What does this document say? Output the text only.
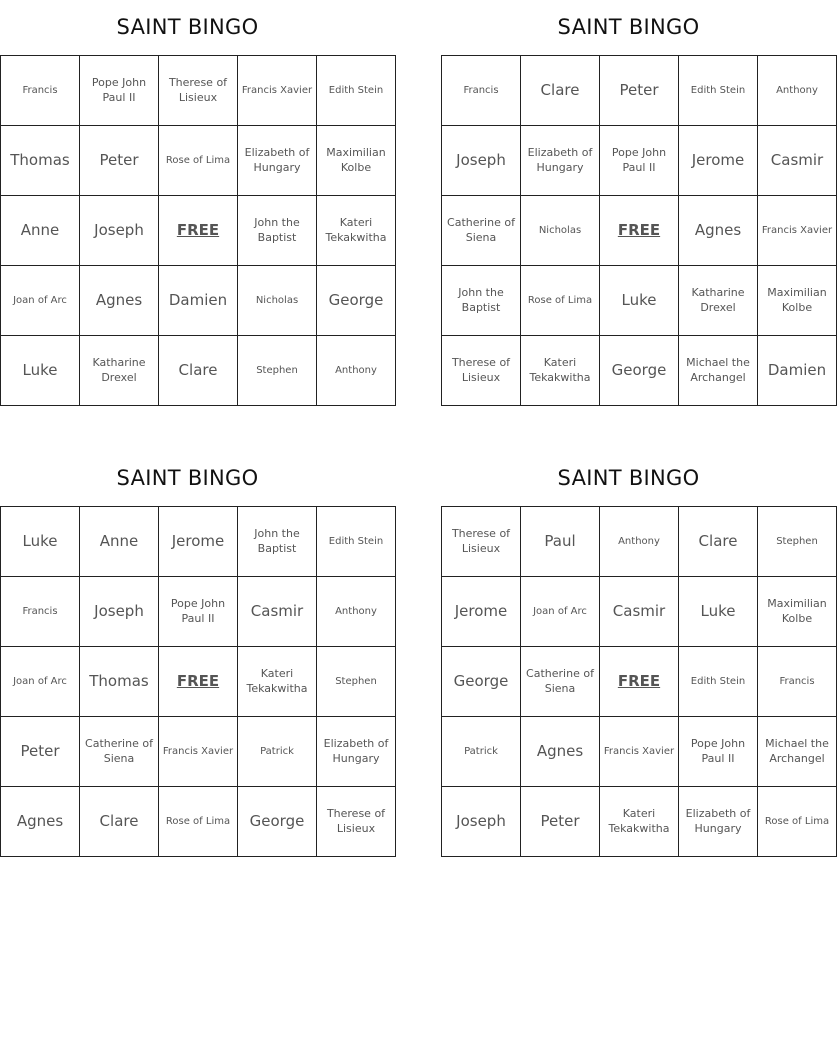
SAINT BINGO
Francis	Pope John Paul II	Therese of Lisieux	Francis Xavier	Edith Stein
Thomas	Peter	Rose of Lima	Elizabeth of Hungary	Maximilian Kolbe
Anne	Joseph	FREE	John the Baptist	Kateri Tekakwitha
Joan of Arc	Agnes	Damien	Nicholas	George
Luke	Katharine Drexel	Clare	Stephen	Anthony
SAINT BINGO
Francis	Clare	Peter	Edith Stein	Anthony
Joseph	Elizabeth of Hungary	Pope John Paul II	Jerome	Casmir
Catherine of Siena	Nicholas	FREE	Agnes	Francis Xavier
John the Baptist	Rose of Lima	Luke	Katharine Drexel	Maximilian Kolbe
Therese of Lisieux	Kateri Tekakwitha	George	Michael the Archangel	Damien
SAINT BINGO
Luke	Anne	Jerome	John the Baptist	Edith Stein
Francis	Joseph	Pope John Paul II	Casmir	Anthony
Joan of Arc	Thomas	FREE	Kateri Tekakwitha	Stephen
Peter	Catherine of Siena	Francis Xavier	Patrick	Elizabeth of Hungary
Agnes	Clare	Rose of Lima	George	Therese of Lisieux
SAINT BINGO
Therese of Lisieux	Paul	Anthony	Clare	Stephen
Jerome	Joan of Arc	Casmir	Luke	Maximilian Kolbe
George	Catherine of Siena	FREE	Edith Stein	Francis
Patrick	Agnes	Francis Xavier	Pope John Paul II	Michael the Archangel
Joseph	Peter	Kateri Tekakwitha	Elizabeth of Hungary	Rose of Lima
